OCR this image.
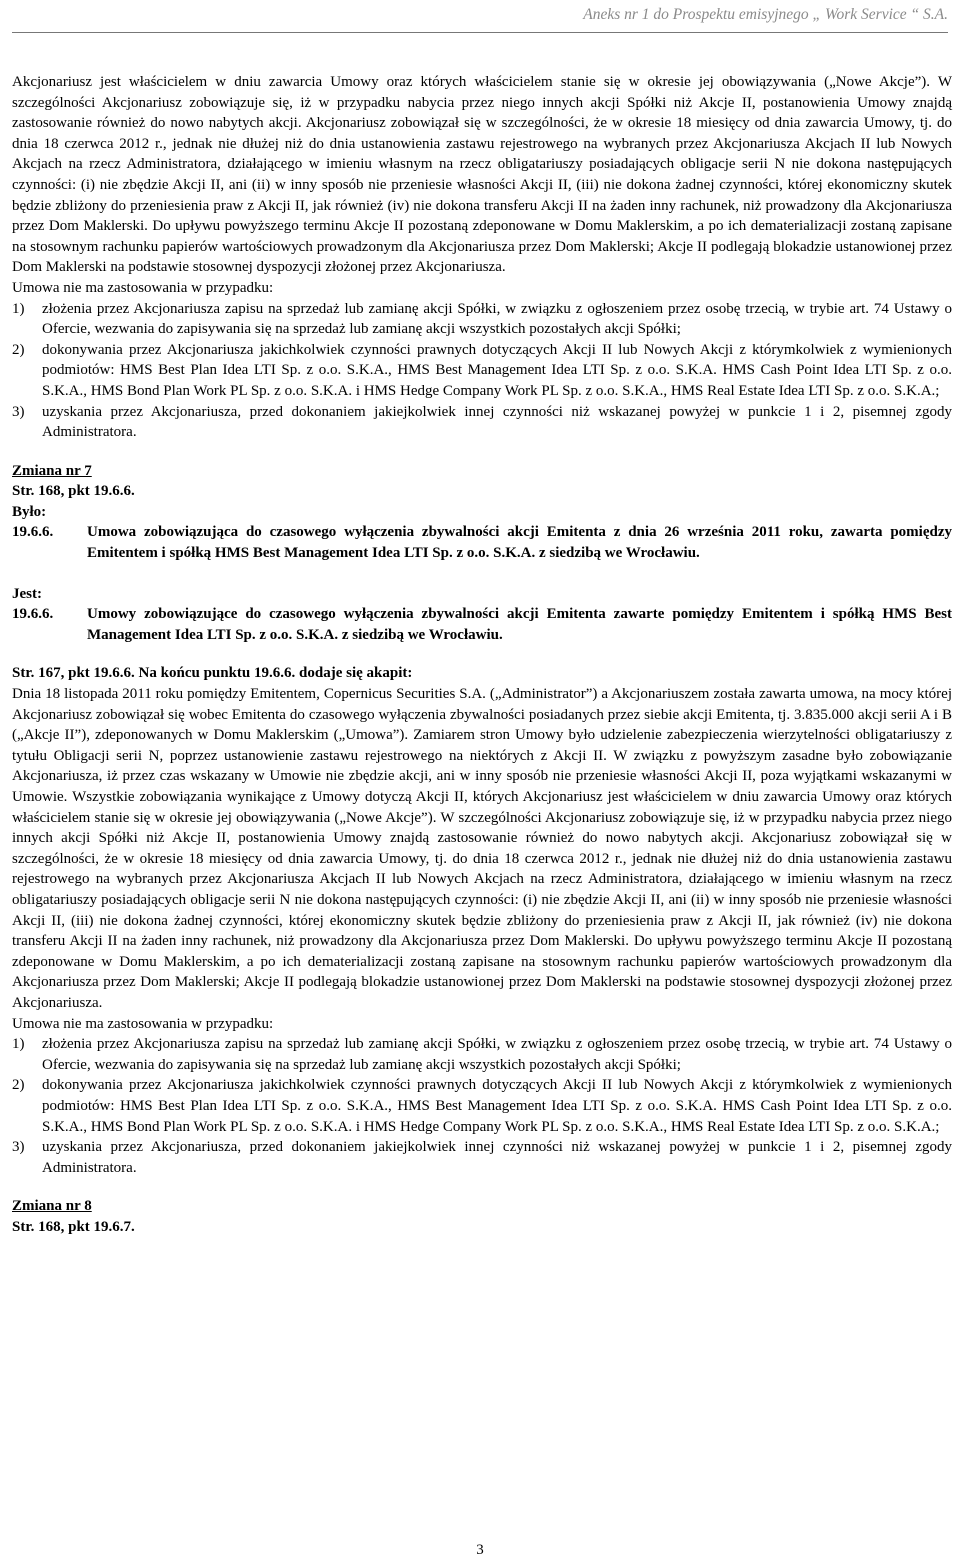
Aneks nr 1 do Prospektu emisyjnego „ Work Service “ S.A.

Akcjonariusz jest właścicielem w dniu zawarcia Umowy oraz których właścicielem stanie się w okresie jej obowiązywania („Nowe Akcje”). W szczególności Akcjonariusz zobowiązuje się, iż w przypadku nabycia przez niego innych akcji Spółki niż Akcje II, postanowienia Umowy znajdą zastosowanie również do nowo nabytych akcji. Akcjonariusz zobowiązał się w szczególności, że w okresie 18 miesięcy od dnia zawarcia Umowy, tj. do dnia 18 czerwca 2012 r., jednak nie dłużej niż do dnia ustanowienia zastawu rejestrowego na wybranych przez Akcjonariusza Akcjach II lub Nowych Akcjach na rzecz Administratora, działającego w imieniu własnym na rzecz obligatariuszy posiadających obligacje serii N nie dokona następujących czynności: (i) nie zbędzie Akcji II, ani (ii) w inny sposób nie przeniesie własności Akcji II, (iii) nie dokona żadnej czynności, której ekonomiczny skutek będzie zbliżony do przeniesienia praw z Akcji II, jak również (iv) nie dokona transferu Akcji II na żaden inny rachunek, niż prowadzony dla Akcjonariusza przez Dom Maklerski. Do upływu powyższego terminu Akcje II pozostaną zdeponowane w Domu Maklerskim, a po ich dematerializacji zostaną zapisane na stosownym rachunku papierów wartościowych prowadzonym dla Akcjonariusza przez Dom Maklerski; Akcje II podlegają blokadzie ustanowionej przez Dom Maklerski na podstawie stosownej dyspozycji złożonej przez Akcjonariusza.

Umowa nie ma zastosowania w przypadku:

1) złożenia przez Akcjonariusza zapisu na sprzedaż lub zamianę akcji Spółki, w związku z ogłoszeniem przez osobę trzecią, w trybie art. 74 Ustawy o Ofercie, wezwania do zapisywania się na sprzedaż lub zamianę akcji wszystkich pozostałych akcji Spółki;
2) dokonywania przez Akcjonariusza jakichkolwiek czynności prawnych dotyczących Akcji II lub Nowych Akcji z którymkolwiek z wymienionych podmiotów: HMS Best Plan Idea LTI Sp. z o.o. S.K.A., HMS Best Management Idea LTI Sp. z o.o. S.K.A. HMS Cash Point Idea LTI Sp. z o.o. S.K.A., HMS Bond Plan Work PL Sp. z o.o. S.K.A. i HMS Hedge Company Work PL Sp. z o.o. S.K.A., HMS Real Estate Idea LTI Sp. z o.o. S.K.A.;
3) uzyskania przez Akcjonariusza, przed dokonaniem jakiejkolwiek innej czynności niż wskazanej powyżej w punkcie 1 i 2, pisemnej zgody Administratora.

Zmiana nr 7

Str. 168, pkt 19.6.6.

Było:

19.6.6. Umowa zobowiązująca do czasowego wyłączenia zbywalności akcji Emitenta z dnia 26 września 2011 roku, zawarta pomiędzy Emitentem i spółką HMS Best Management Idea LTI Sp. z o.o. S.K.A. z siedzibą we Wrocławiu.

Jest:

19.6.6. Umowy zobowiązujące do czasowego wyłączenia zbywalności akcji Emitenta zawarte pomiędzy Emitentem i spółką HMS Best Management Idea LTI Sp. z o.o. S.K.A. z siedzibą we Wrocławiu.

Str. 167, pkt 19.6.6. Na końcu punktu 19.6.6. dodaje się akapit:

Dnia 18 listopada 2011 roku pomiędzy Emitentem, Copernicus Securities S.A. („Administrator”) a Akcjonariuszem została zawarta umowa, na mocy której Akcjonariusz zobowiązał się wobec Emitenta do czasowego wyłączenia zbywalności posiadanych przez siebie akcji Emitenta, tj. 3.835.000 akcji serii A i B („Akcje II”), zdeponowanych w Domu Maklerskim („Umowa”). Zamiarem stron Umowy było udzielenie zabezpieczenia wierzytelności obligatariuszy z tytułu Obligacji serii N, poprzez ustanowienie zastawu rejestrowego na niektórych z Akcji II. W związku z powyższym zasadne było zobowiązanie Akcjonariusza, iż przez czas wskazany w Umowie nie zbędzie akcji, ani w inny sposób nie przeniesie własności Akcji II, poza wyjątkami wskazanymi w Umowie. Wszystkie zobowiązania wynikające z Umowy dotyczą Akcji II, których Akcjonariusz jest właścicielem w dniu zawarcia Umowy oraz których właścicielem stanie się w okresie jej obowiązywania („Nowe Akcje”). W szczególności Akcjonariusz zobowiązuje się, iż w przypadku nabycia przez niego innych akcji Spółki niż Akcje II, postanowienia Umowy znajdą zastosowanie również do nowo nabytych akcji. Akcjonariusz zobowiązał się w szczególności, że w okresie 18 miesięcy od dnia zawarcia Umowy, tj. do dnia 18 czerwca 2012 r., jednak nie dłużej niż do dnia ustanowienia zastawu rejestrowego na wybranych przez Akcjonariusza Akcjach II lub Nowych Akcjach na rzecz Administratora, działającego w imieniu własnym na rzecz obligatariuszy posiadających obligacje serii N nie dokona następujących czynności: (i) nie zbędzie Akcji II, ani (ii) w inny sposób nie przeniesie własności Akcji II, (iii) nie dokona żadnej czynności, której ekonomiczny skutek będzie zbliżony do przeniesienia praw z Akcji II, jak również (iv) nie dokona transferu Akcji II na żaden inny rachunek, niż prowadzony dla Akcjonariusza przez Dom Maklerski. Do upływu powyższego terminu Akcje II pozostaną zdeponowane w Domu Maklerskim, a po ich dematerializacji zostaną zapisane na stosownym rachunku papierów wartościowych prowadzonym dla Akcjonariusza przez Dom Maklerski; Akcje II podlegają blokadzie ustanowionej przez Dom Maklerski na podstawie stosownej dyspozycji złożonej przez Akcjonariusza.

Umowa nie ma zastosowania w przypadku:

1) złożenia przez Akcjonariusza zapisu na sprzedaż lub zamianę akcji Spółki, w związku z ogłoszeniem przez osobę trzecią, w trybie art. 74 Ustawy o Ofercie, wezwania do zapisywania się na sprzedaż lub zamianę akcji wszystkich pozostałych akcji Spółki;
2) dokonywania przez Akcjonariusza jakichkolwiek czynności prawnych dotyczących Akcji II lub Nowych Akcji z którymkolwiek z wymienionych podmiotów: HMS Best Plan Idea LTI Sp. z o.o. S.K.A., HMS Best Management Idea LTI Sp. z o.o. S.K.A. HMS Cash Point Idea LTI Sp. z o.o. S.K.A., HMS Bond Plan Work PL Sp. z o.o. S.K.A. i HMS Hedge Company Work PL Sp. z o.o. S.K.A., HMS Real Estate Idea LTI Sp. z o.o. S.K.A.;
3) uzyskania przez Akcjonariusza, przed dokonaniem jakiejkolwiek innej czynności niż wskazanej powyżej w punkcie 1 i 2, pisemnej zgody Administratora.

Zmiana nr 8

Str. 168, pkt 19.6.7.

3
